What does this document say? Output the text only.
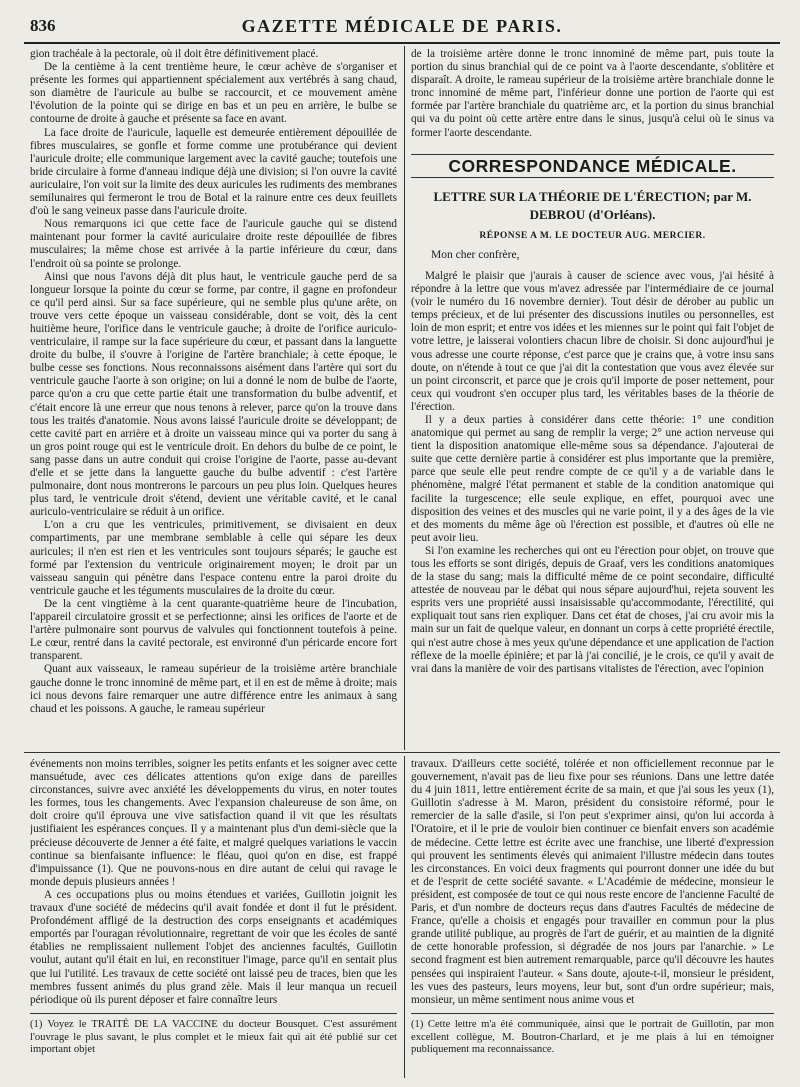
836	GAZETTE MÉDICALE DE PARIS.

gion trachéale à la pectorale, où il doit être définitivement placé.

De la centième à la cent trentième heure, le cœur achève de s'organiser et présente les formes qui appartiennent spécialement aux vertébrés à sang chaud, son diamètre de l'auricule au bulbe se raccourcit, et ce mouvement amène l'évolution de la pointe qui se dirige en bas et un peu en arrière, le bulbe se contourne de droite à gauche et présente sa face en avant.

La face droite de l'auricule, laquelle est demeurée entièrement dépouillée de fibres musculaires, se gonfle et forme comme une protubérance qui devient l'auricule droite; elle communique largement avec la cavité gauche; toutefois une bride circulaire à forme d'anneau indique déjà une division; si l'on ouvre la cavité auriculaire, l'on voit sur la limite des deux auricules les rudiments des membranes semilunaires qui fermeront le trou de Botal et la rainure entre ces deux feuillets d'où le sang veineux passe dans l'auricule droite.

Nous remarquons ici que cette face de l'auricule gauche qui se distend maintenant pour former la cavité auriculaire droite reste dépouillée de fibres musculaires; la même chose est arrivée à la partie inférieure du cœur, dans l'endroit où sa pointe se prolonge.

Ainsi que nous l'avons déjà dit plus haut, le ventricule gauche perd de sa longueur lorsque la pointe du cœur se forme, par contre, il gagne en profondeur ce qu'il perd ainsi. Sur sa face supérieure, qui ne semble plus qu'une arête, on trouve vers cette époque un vaisseau considérable, dont se voit, dès la cent huitième heure, l'orifice dans le ventricule gauche; à droite de l'orifice auriculo-ventriculaire, il rampe sur la face supérieure du cœur, et passant dans la languette droite du bulbe, il s'ouvre à l'origine de l'artère branchiale; à cette époque, le bulbe cesse ses fonctions. Nous reconnaissons aisément dans l'artère qui sort du ventricule gauche l'aorte à son origine; on lui a donné le nom de bulbe de l'aorte, parce qu'on a cru que cette partie était une transformation du bulbe adventif, et c'était encore là une erreur que nous tenons à relever, parce qu'on la trouve dans tous les traités d'anatomie. Nous avons laissé l'auricule droite se développant; de cette cavité part en arrière et à droite un vaisseau mince qui va porter du sang à un gros point rouge qui est le ventricule droit. En dehors du bulbe de ce point, le sang passe dans un autre conduit qui croise l'origine de l'aorte, passe au-devant d'elle et se jette dans la languette gauche du bulbe adventif : c'est l'artère pulmonaire, dont nous montrerons le parcours un peu plus loin. Quelques heures plus tard, le ventricule droit s'étend, devient une véritable cavité, et le canal auriculo-ventriculaire se réduit à un orifice.

L'on a cru que les ventricules, primitivement, se divisaient en deux compartiments, par une membrane semblable à celle qui sépare les deux auricules; il n'en est rien et les ventricules sont toujours séparés; le gauche est formé par l'extension du ventricule originairement moyen; le droit par un vaisseau sanguin qui pénètre dans l'espace contenu entre la paroi droite du ventricule gauche et les téguments musculaires de la droite du cœur.

De la cent vingtième à la cent quarante-quatrième heure de l'incubation, l'appareil circulatoire grossit et se perfectionne; ainsi les orifices de l'aorte et de l'artère pulmonaire sont pourvus de valvules qui fonctionnent toutefois à peine. Le cœur, rentré dans la cavité pectorale, est environné d'un péricarde encore fort transparent.

Quant aux vaisseaux, le rameau supérieur de la troisième artère branchiale gauche donne le tronc innominé de même part, et il en est de même à droite; mais ici nous devons faire remarquer une autre différence entre les animaux à sang chaud et les poissons. A gauche, le rameau supérieur

de la troisième artère donne le tronc innominé de même part, puis toute la portion du sinus branchial qui de ce point va à l'aorte descendante, s'oblitère et disparaît. A droite, le rameau supérieur de la troisième artère branchiale donne le tronc innominé de même part, l'inférieur donne une portion de l'aorte qui est formée par l'artère branchiale du quatrième arc, et la portion du sinus branchial qui va du point où cette artère entre dans le sinus, jusqu'à celui où le sinus va former l'aorte descendante.

CORRESPONDANCE MÉDICALE.
LETTRE SUR LA THÉORIE DE L'ÉRECTION; par M. DEBROU (d'Orléans).
RÉPONSE A M. LE DOCTEUR AUG. MERCIER.
Mon cher confrère,

Malgré le plaisir que j'aurais à causer de science avec vous, j'ai hésité à répondre à la lettre que vous m'avez adressée par l'intermédiaire de ce journal (voir le numéro du 16 novembre dernier). Tout désir de dérober au public un temps précieux, et de lui présenter des discussions inutiles ou personnelles, est loin de mon esprit; et entre vos idées et les miennes sur le point qui fait l'objet de votre lettre, je laisserai volontiers chacun libre de choisir. Si donc aujourd'hui je vous adresse une courte réponse, c'est parce que je crains que, à votre insu sans doute, on n'étende à tout ce que j'ai dit la contestation que vous avez élevée sur un point circonscrit, et parce que je crois qu'il importe de poser nettement, pour ceux qui voudront s'en occuper plus tard, les véritables bases de la théorie de l'érection.

Il y a deux parties à considérer dans cette théorie: 1° une condition anatomique qui permet au sang de remplir la verge; 2° une action nerveuse qui tient la disposition anatomique elle-même sous sa dépendance. J'ajouterai de suite que cette dernière partie à considérer est plus importante que la première, parce que seule elle peut rendre compte de ce qu'il y a de variable dans le phénomène, malgré l'état permanent et stable de la condition anatomique qui facilite la turgescence; elle seule explique, en effet, pourquoi avec une disposition des veines et des muscles qui ne varie point, il y a des âges de la vie et des moments du même âge où l'érection est possible, et d'autres où elle ne peut avoir lieu.

Si l'on examine les recherches qui ont eu l'érection pour objet, on trouve que tous les efforts se sont dirigés, depuis de Graaf, vers les conditions anatomiques de la stase du sang; mais la difficulté même de ce point secondaire, difficulté attestée de nouveau par le débat qui nous sépare aujourd'hui, rejeta souvent les esprits vers une propriété aussi insaisissable qu'accommodante, l'érectilité, qui expliquait tout sans rien expliquer. Dans cet état de choses, j'ai cru avoir mis la main sur un fait de quelque valeur, en donnant un corps à cette propriété érectile, qui n'est autre chose à mes yeux qu'une dépendance et une application de l'action réflexe de la moelle épinière; et par là j'ai concilié, je le crois, ce qu'il y avait de vrai dans la manière de voir des partisans vitalistes de l'érection, avec l'opinion

événements non moins terribles, soigner les petits enfants et les soigner avec cette mansuétude, avec ces délicates attentions qu'on exige dans de pareilles circonstances, suivre avec anxiété les développements du virus, en noter toutes les formes, tous les changements. Avec l'expansion chaleureuse de son âme, on doit croire qu'il éprouva une vive satisfaction quand il vit que les résultats justifiaient les espérances conçues. Il y a maintenant plus d'un demi-siècle que la précieuse découverte de Jenner a été faite, et malgré quelques variations le vaccin continue sa bienfaisante influence: le fléau, quoi qu'on en dise, est frappé d'impuissance (1). Que ne pouvons-nous en dire autant de celui qui ravage le monde depuis plusieurs années !

A ces occupations plus ou moins étendues et variées, Guillotin joignit les travaux d'une société de médecins qu'il avait fondée et dont il fut le président. Profondément affligé de la destruction des corps enseignants et académiques emportés par l'ouragan révolutionnaire, regrettant de voir que les écoles de santé établies ne remplissaient nullement l'objet des anciennes facultés, Guillotin voulut, autant qu'il était en lui, en reconstituer l'image, parce qu'il en sentait plus que lui l'utilité. Les travaux de cette société ont laissé peu de traces, bien que les membres fussent animés du plus grand zèle. Mais il leur manqua un recueil périodique où ils purent déposer et faire connaître leurs

travaux. D'ailleurs cette société, tolérée et non officiellement reconnue par le gouvernement, n'avait pas de lieu fixe pour ses réunions. Dans une lettre datée du 4 juin 1811, lettre entièrement écrite de sa main, et que j'ai sous les yeux (1), Guillotin s'adresse à M. Maron, président du consistoire réformé, pour le remercier de la salle d'asile, si l'on peut s'exprimer ainsi, qu'on lui accorda à l'Oratoire, et il le prie de vouloir bien continuer ce bienfait envers son académie de médecine. Cette lettre est écrite avec une franchise, une liberté d'expression qui prouvent les sentiments élevés qui animaient l'illustre médecin dans toutes les circonstances. En voici deux fragments qui pourront donner une idée du but et de l'esprit de cette société savante. « L'Académie de médecine, monsieur le président, est composée de tout ce qui nous reste encore de l'ancienne Faculté de Paris, et d'un nombre de docteurs reçus dans d'autres Facultés de médecine de France, qu'elle a choisis et engagés pour travailler en commun pour la plus grande utilité publique, au progrès de l'art de guérir, et au maintien de la dignité de cette honorable profession, si dégradée de nos jours par l'anarchie. » Le second fragment est bien autrement remarquable, parce qu'il découvre les hautes pensées qui inspiraient l'auteur. « Sans doute, ajoute-t-il, monsieur le président, les vues des pasteurs, leurs moyens, leur but, sont d'un ordre supérieur; mais, monsieur, un même sentiment nous anime vous et

(1) Voyez le TRAITÉ DE LA VACCINE du docteur Bousquet. C'est assurément l'ouvrage le plus savant, le plus complet et le mieux fait qui ait été publié sur cet important objet
(1) Cette lettre m'a été communiquée, ainsi que le portrait de Guillotin, par mon excellent collègue, M. Boutron-Charlard, et je me plais à lui en témoigner publiquement ma reconnaissance.
